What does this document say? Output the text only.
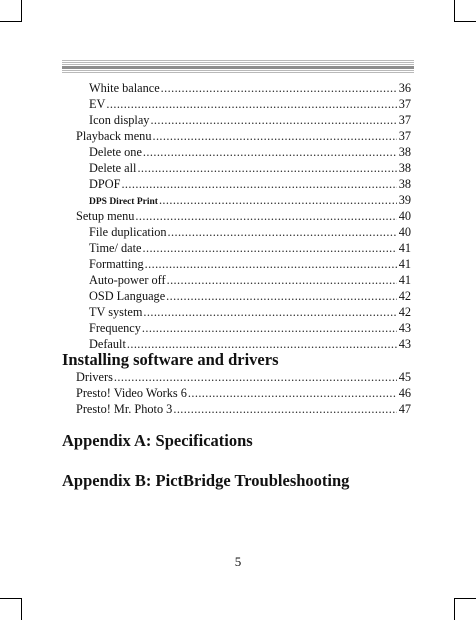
White balance .....	36
EV .....	37
Icon display .....	37
Playback menu .....	37
Delete one .....	38
Delete all .....	38
DPOF .....	38
DPS Direct Print .....	39
Setup menu .....	40
File duplication .....	40
Time/ date .....	41
Formatting .....	41
Auto-power off .....	41
OSD Language .....	42
TV system .....	42
Frequency .....	43
Default .....	43
Installing software and drivers
Drivers .....	45
Presto! Video Works 6 .....	46
Presto! Mr. Photo 3 .....	47
Appendix A: Specifications
Appendix B: PictBridge Troubleshooting
5
